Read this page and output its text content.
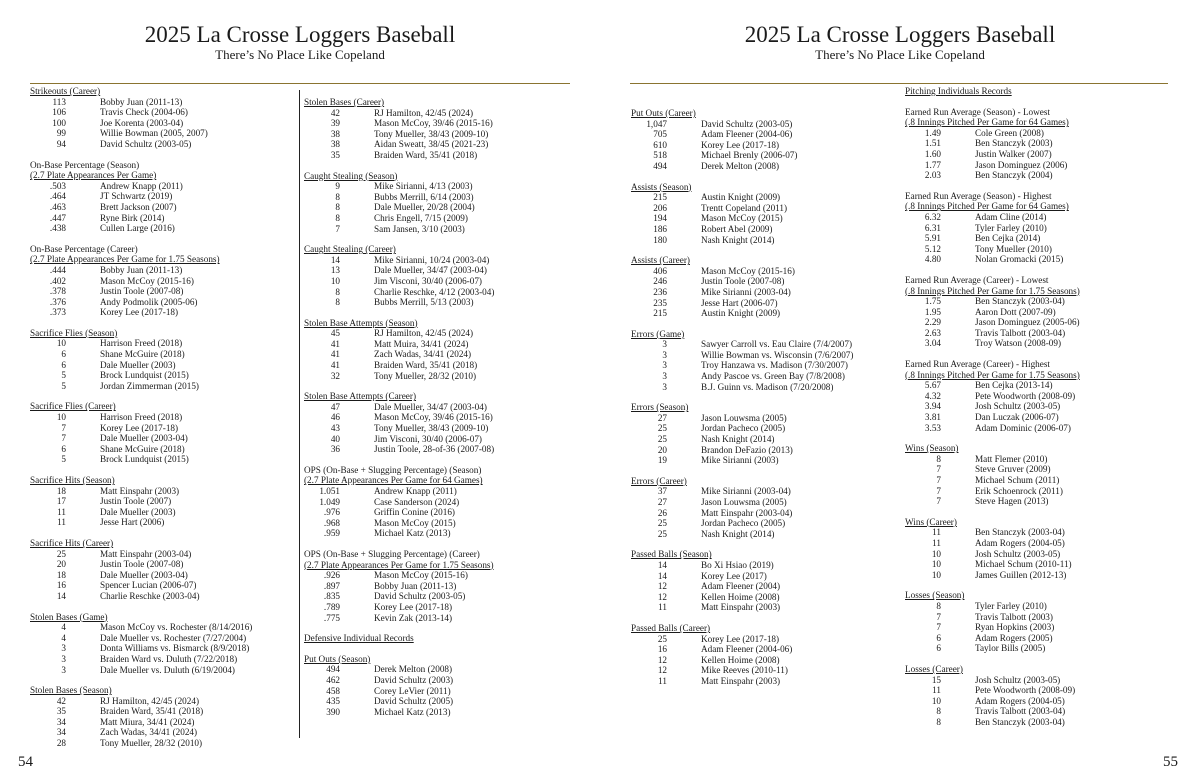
2025 La Crosse Loggers Baseball
There’s No Place Like Copeland
Strikeouts (Career)
113	Bobby Juan (2011-13)
106	Travis Check (2004-06)
100	Joe Korenta (2003-04)
99	Willie Bowman (2005, 2007)
94	David Schultz (2003-05)
On-Base Percentage (Season)
(2.7 Plate Appearances Per Game)
.503	Andrew Knapp (2011)
.464	JT Schwartz (2019)
.463	Brett Jackson (2007)
.447	Ryne Birk (2014)
.438	Cullen Large (2016)
On-Base Percentage (Career)
(2.7 Plate Appearances Per Game for 1.75 Seasons)
.444	Bobby Juan (2011-13)
.402	Mason McCoy (2015-16)
.378	Justin Toole (2007-08)
.376	Andy Podmolik (2005-06)
.373	Korey Lee (2017-18)
Sacrifice Flies (Season)
10	Harrison Freed (2018)
6	Shane McGuire (2018)
6	Dale Mueller (2003)
5	Brock Lundquist (2015)
5	Jordan Zimmerman (2015)
Sacrifice Flies (Career)
10	Harrison Freed (2018)
7	Korey Lee (2017-18)
7	Dale Mueller (2003-04)
6	Shane McGuire (2018)
5	Brock Lundquist (2015)
Sacrifice Hits (Season)
18	Matt Einspahr (2003)
17	Justin Toole (2007)
11	Dale Mueller (2003)
11	Jesse Hart (2006)
Sacrifice Hits (Career)
25	Matt Einspahr (2003-04)
20	Justin Toole (2007-08)
18	Dale Mueller (2003-04)
16	Spencer Lucian (2006-07)
14	Charlie Reschke (2003-04)
Stolen Bases (Game)
4	Mason McCoy vs. Rochester (8/14/2016)
4	Dale Mueller vs. Rochester (7/27/2004)
3	Donta Williams vs. Bismarck (8/9/2018)
3	Braiden Ward vs. Duluth (7/22/2018)
3	Dale Mueller vs. Duluth (6/19/2004)
Stolen Bases (Season)
42	RJ Hamilton, 42/45 (2024)
35	Braiden Ward, 35/41 (2018)
34	Matt Miura, 34/41 (2024)
34	Zach Wadas, 34/41 (2024)
28	Tony Mueller, 28/32 (2010)
Stolen Bases (Career)
42	RJ Hamilton, 42/45 (2024)
39	Mason McCoy, 39/46 (2015-16)
38	Tony Mueller, 38/43 (2009-10)
38	Aidan Sweatt, 38/45 (2021-23)
35	Braiden Ward, 35/41 (2018)
Caught Stealing (Season)
9	Mike Sirianni, 4/13 (2003)
8	Bubbs Merrill, 6/14 (2003)
8	Dale Mueller, 20/28 (2004)
8	Chris Engell, 7/15 (2009)
7	Sam Jansen, 3/10 (2003)
Caught Stealing (Career)
14	Mike Sirianni, 10/24 (2003-04)
13	Dale Mueller, 34/47 (2003-04)
10	Jim Visconi, 30/40 (2006-07)
8	Charlie Reschke, 4/12 (2003-04)
8	Bubbs Merrill, 5/13 (2003)
Stolen Base Attempts (Season)
45	RJ Hamilton, 42/45 (2024)
41	Matt Muira, 34/41 (2024)
41	Zach Wadas, 34/41 (2024)
41	Braiden Ward, 35/41 (2018)
32	Tony Mueller, 28/32 (2010)
Stolen Base Attempts (Career)
47	Dale Mueller, 34/47 (2003-04)
46	Mason McCoy, 39/46 (2015-16)
43	Tony Mueller, 38/43 (2009-10)
40	Jim Visconi, 30/40 (2006-07)
36	Justin Toole, 28-of-36 (2007-08)
OPS (On-Base + Slugging Percentage) (Season)
(2.7 Plate Appearances Per Game for 64 Games)
1.051	Andrew Knapp (2011)
1.049	Case Sanderson (2024)
.976	Griffin Conine (2016)
.968	Mason McCoy (2015)
.959	Michael Katz (2013)
OPS (On-Base + Slugging Percentage) (Career)
(2.7 Plate Appearances Per Game for 1.75 Seasons)
.926	Mason McCoy (2015-16)
.897	Bobby Juan (2011-13)
.835	David Schultz (2003-05)
.789	Korey Lee (2017-18)
.775	Kevin Zak (2013-14)
Defensive Individual Records
Put Outs (Season)
494	Derek Melton (2008)
462	David Schultz (2003)
458	Corey LeVier (2011)
435	David Schultz (2005)
390	Michael Katz (2013)
54
2025 La Crosse Loggers Baseball
There’s No Place Like Copeland
Put Outs (Career)
1,047	David Schultz (2003-05)
705	Adam Fleener (2004-06)
610	Korey Lee (2017-18)
518	Michael Brenly (2006-07)
494	Derek Melton (2008)
Assists (Season)
215	Austin Knight (2009)
206	Trentt Copeland (2011)
194	Mason McCoy (2015)
186	Robert Abel (2009)
180	Nash Knight (2014)
Assists (Career)
406	Mason McCoy (2015-16)
246	Justin Toole (2007-08)
236	Mike Sirianni (2003-04)
235	Jesse Hart (2006-07)
215	Austin Knight (2009)
Errors (Game)
3	Sawyer Carroll vs. Eau Claire (7/4/2007)
3	Willie Bowman vs. Wisconsin (7/6/2007)
3	Troy Hanzawa vs. Madison (7/30/2007)
3	Andy Pascoe vs. Green Bay (7/8/2008)
3	B.J. Guinn vs. Madison (7/20/2008)
Errors (Season)
27	Jason Louwsma (2005)
25	Jordan Pacheco (2005)
25	Nash Knight (2014)
20	Brandon DeFazio (2013)
19	Mike Sirianni (2003)
Errors (Career)
37	Mike Sirianni (2003-04)
27	Jason Louwsma (2005)
26	Matt Einspahr (2003-04)
25	Jordan Pacheco (2005)
25	Nash Knight (2014)
Passed Balls (Season)
14	Bo Xi Hsiao (2019)
14	Korey Lee (2017)
12	Adam Fleener (2004)
12	Kellen Hoime (2008)
11	Matt Einspahr (2003)
Passed Balls (Career)
25	Korey Lee (2017-18)
16	Adam Fleener (2004-06)
12	Kellen Hoime (2008)
12	Mike Reeves (2010-11)
11	Matt Einspahr (2003)
Pitching Individuals Records
Earned Run Average (Season) - Lowest
(.8 Innings Pitched Per Game for 64 Games)
1.49	Cole Green (2008)
1.51	Ben Stanczyk (2003)
1.60	Justin Walker (2007)
1.77	Jason Dominguez (2006)
2.03	Ben Stanczyk (2004)
Earned Run Average (Season) - Highest
(.8 Innings Pitched Per Game for 64 Games)
6.32	Adam Cline (2014)
6.31	Tyler Farley (2010)
5.91	Ben Cejka (2014)
5.12	Tony Mueller (2010)
4.80	Nolan Gromacki (2015)
Earned Run Average (Career) - Lowest
(.8 Innings Pitched Per Game for 1.75 Seasons)
1.75	Ben Stanczyk (2003-04)
1.95	Aaron Dott (2007-09)
2.29	Jason Dominguez (2005-06)
2.63	Travis Talbott (2003-04)
3.04	Troy Watson (2008-09)
Earned Run Average (Career) - Highest
(.8 Innings Pitched Per Game for 1.75 Seasons)
5.67	Ben Cejka (2013-14)
4.32	Pete Woodworth (2008-09)
3.94	Josh Schultz (2003-05)
3.81	Dan Luczak (2006-07)
3.53	Adam Dominic (2006-07)
Wins (Season)
8	Matt Flemer (2010)
7	Steve Gruver (2009)
7	Michael Schum (2011)
7	Erik Schoenrock (2011)
7	Steve Hagen (2013)
Wins (Career)
11	Ben Stanczyk (2003-04)
11	Adam Rogers (2004-05)
10	Josh Schultz (2003-05)
10	Michael Schum (2010-11)
10	James Guillen (2012-13)
Losses (Season)
8	Tyler Farley (2010)
7	Travis Talbott (2003)
7	Ryan Hopkins (2003)
6	Adam Rogers (2005)
6	Taylor Bills (2005)
Losses (Career)
15	Josh Schultz (2003-05)
11	Pete Woodworth (2008-09)
10	Adam Rogers (2004-05)
8	Travis Talbott (2003-04)
8	Ben Stanczyk (2003-04)
55
